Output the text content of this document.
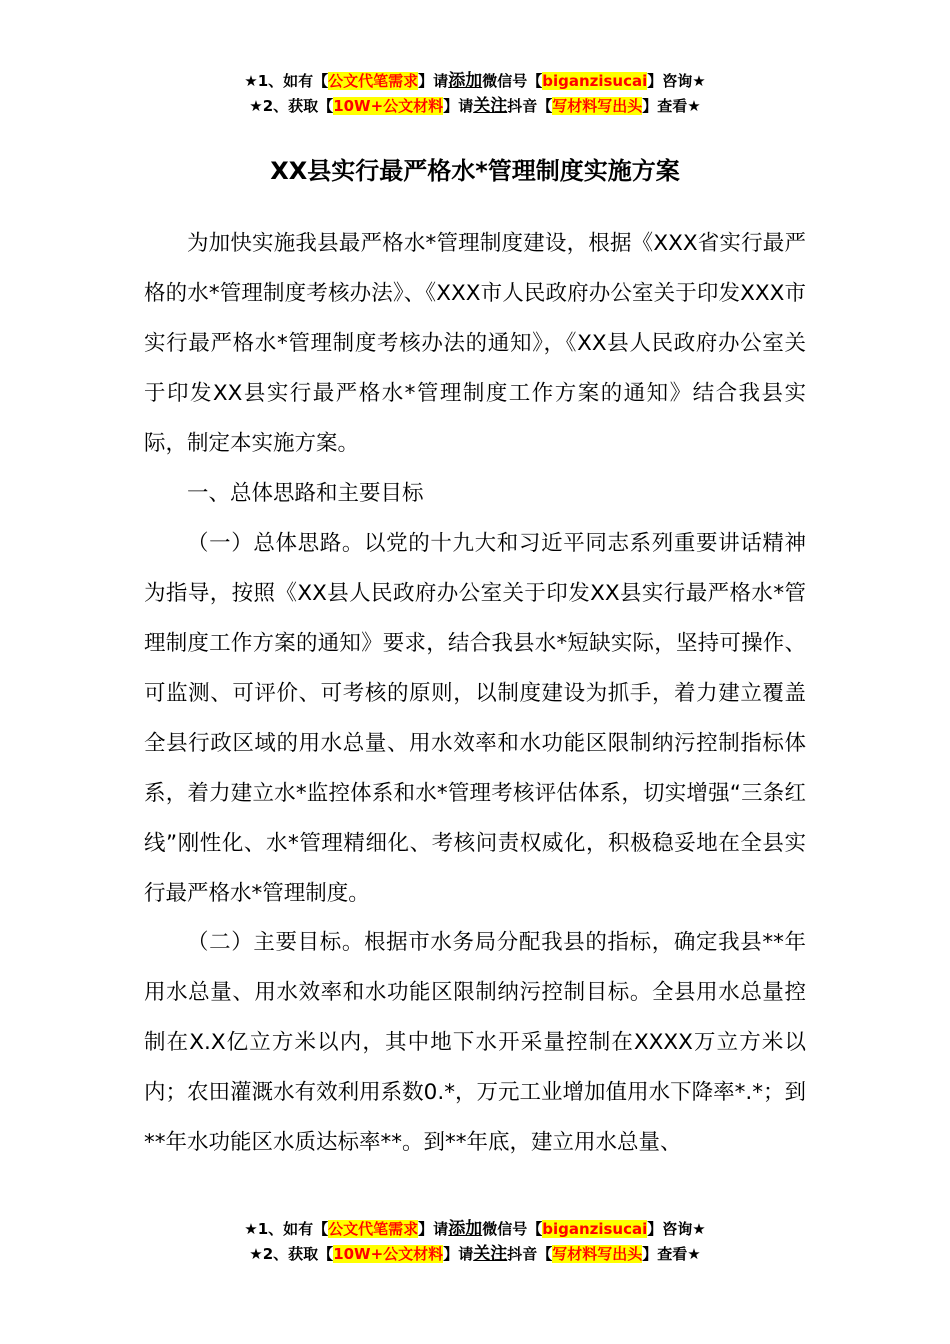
★1、如有【公文代笔需求】请添加微信号【biganzisucai】咨询★
★2、获取【10W+公文材料】请关注抖音【写材料写出头】查看★
XX县实行最严格水*管理制度实施方案

为加快实施我县最严格水*管理制度建设，根据《XXX省实行最严格的水*管理制度考核办法》、《XXX市人民政府办公室关于印发XXX市实行最严格水*管理制度考核办法的通知》，《XX县人民政府办公室关于印发XX县实行最严格水*管理制度工作方案的通知》结合我县实际，制定本实施方案。

一、总体思路和主要目标

（一）总体思路。以党的十九大和习近平同志系列重要讲话精神为指导，按照《XX县人民政府办公室关于印发XX县实行最严格水*管理制度工作方案的通知》要求，结合我县水*短缺实际，坚持可操作、可监测、可评价、可考核的原则，以制度建设为抓手，着力建立覆盖全县行政区域的用水总量、用水效率和水功能区限制纳污控制指标体系，着力建立水*监控体系和水*管理考核评估体系，切实增强“三条红线”刚性化、水*管理精细化、考核问责权威化，积极稳妥地在全县实行最严格水*管理制度。

（二）主要目标。根据市水务局分配我县的指标，确定我县**年用水总量、用水效率和水功能区限制纳污控制目标。全县用水总量控制在X.X亿立方米以内，其中地下水开采量控制在XXXX万立方米以内；农田灌溉水有效利用系数0.*，万元工业增加值用水下降率*.*；到**年水功能区水质达标率**。到**年底，建立用水总量、

★1、如有【公文代笔需求】请添加微信号【biganzisucai】咨询★
★2、获取【10W+公文材料】请关注抖音【写材料写出头】查看★
